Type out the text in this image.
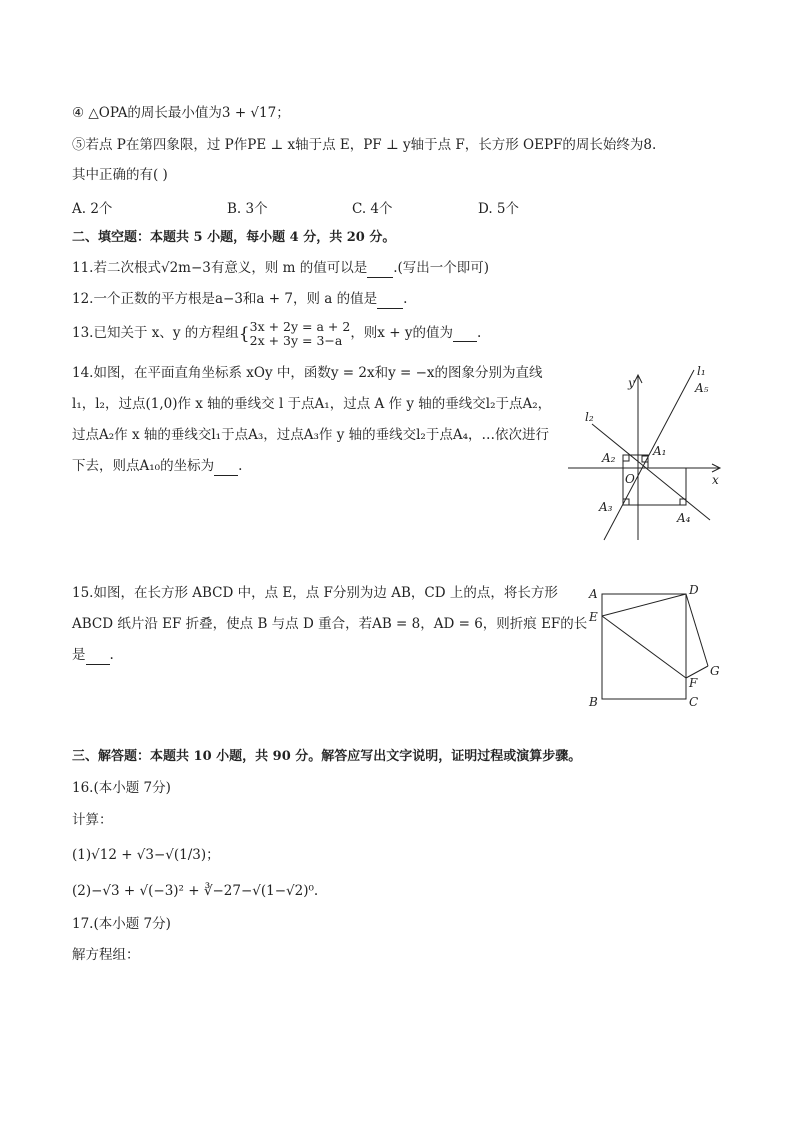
④ △OPA的周长最小值为3 + √17；
⑤若点 P在第四象限，过 P作PE ⊥ x轴于点 E，PF ⊥ y轴于点 F，长方形 OEPF的周长始终为8.
其中正确的有( )
A. 2个	B. 3个	C. 4个	D. 5个
二、填空题：本题共 5 小题，每小题 4 分，共 20 分。
11.若二次根式√2m−3有意义，则 m 的值可以是 .(写出一个即可)
12.一个正数的平方根是a−3和a + 7，则 a 的值是 .
13.已知关于 x、y 的方程组{ 3x + 2y = a + 2
2x + 3y = 3−a ，则x + y的值为 .
14.如图，在平面直角坐标系 xOy 中，函数y = 2x和y = −x的图象分别为直线
l₁，l₂，过点(1,0)作 x 轴的垂线交 l 于点A₁，过点 A 作 y 轴的垂线交l₂于点A₂，
过点A₂作 x 轴的垂线交l₁于点A₃，过点A₃作 y 轴的垂线交l₂于点A₄，…依次进行
下去，则点A₁₀的坐标为 .
l₁
l₂
y
x
O
A₁
A₂
A₃
A₄
A₅
15.如图，在长方形 ABCD 中，点 E，点 F分别为边 AB，CD 上的点，将长方形
ABCD 纸片沿 EF 折叠，使点 B 与点 D 重合，若AB = 8，AD = 6，则折痕 EF的长
是 .
A
E
B
D
F
C
G
三、解答题：本题共 10 小题，共 90 分。解答应写出文字说明，证明过程或演算步骤。
16.(本小题 7分)
计算：
(1)√12 + √3−√(1/3)；
(2)−√3 + √(−3)² + ∛−27−√(1−√2)⁰.
17.(本小题 7分)
解方程组：
